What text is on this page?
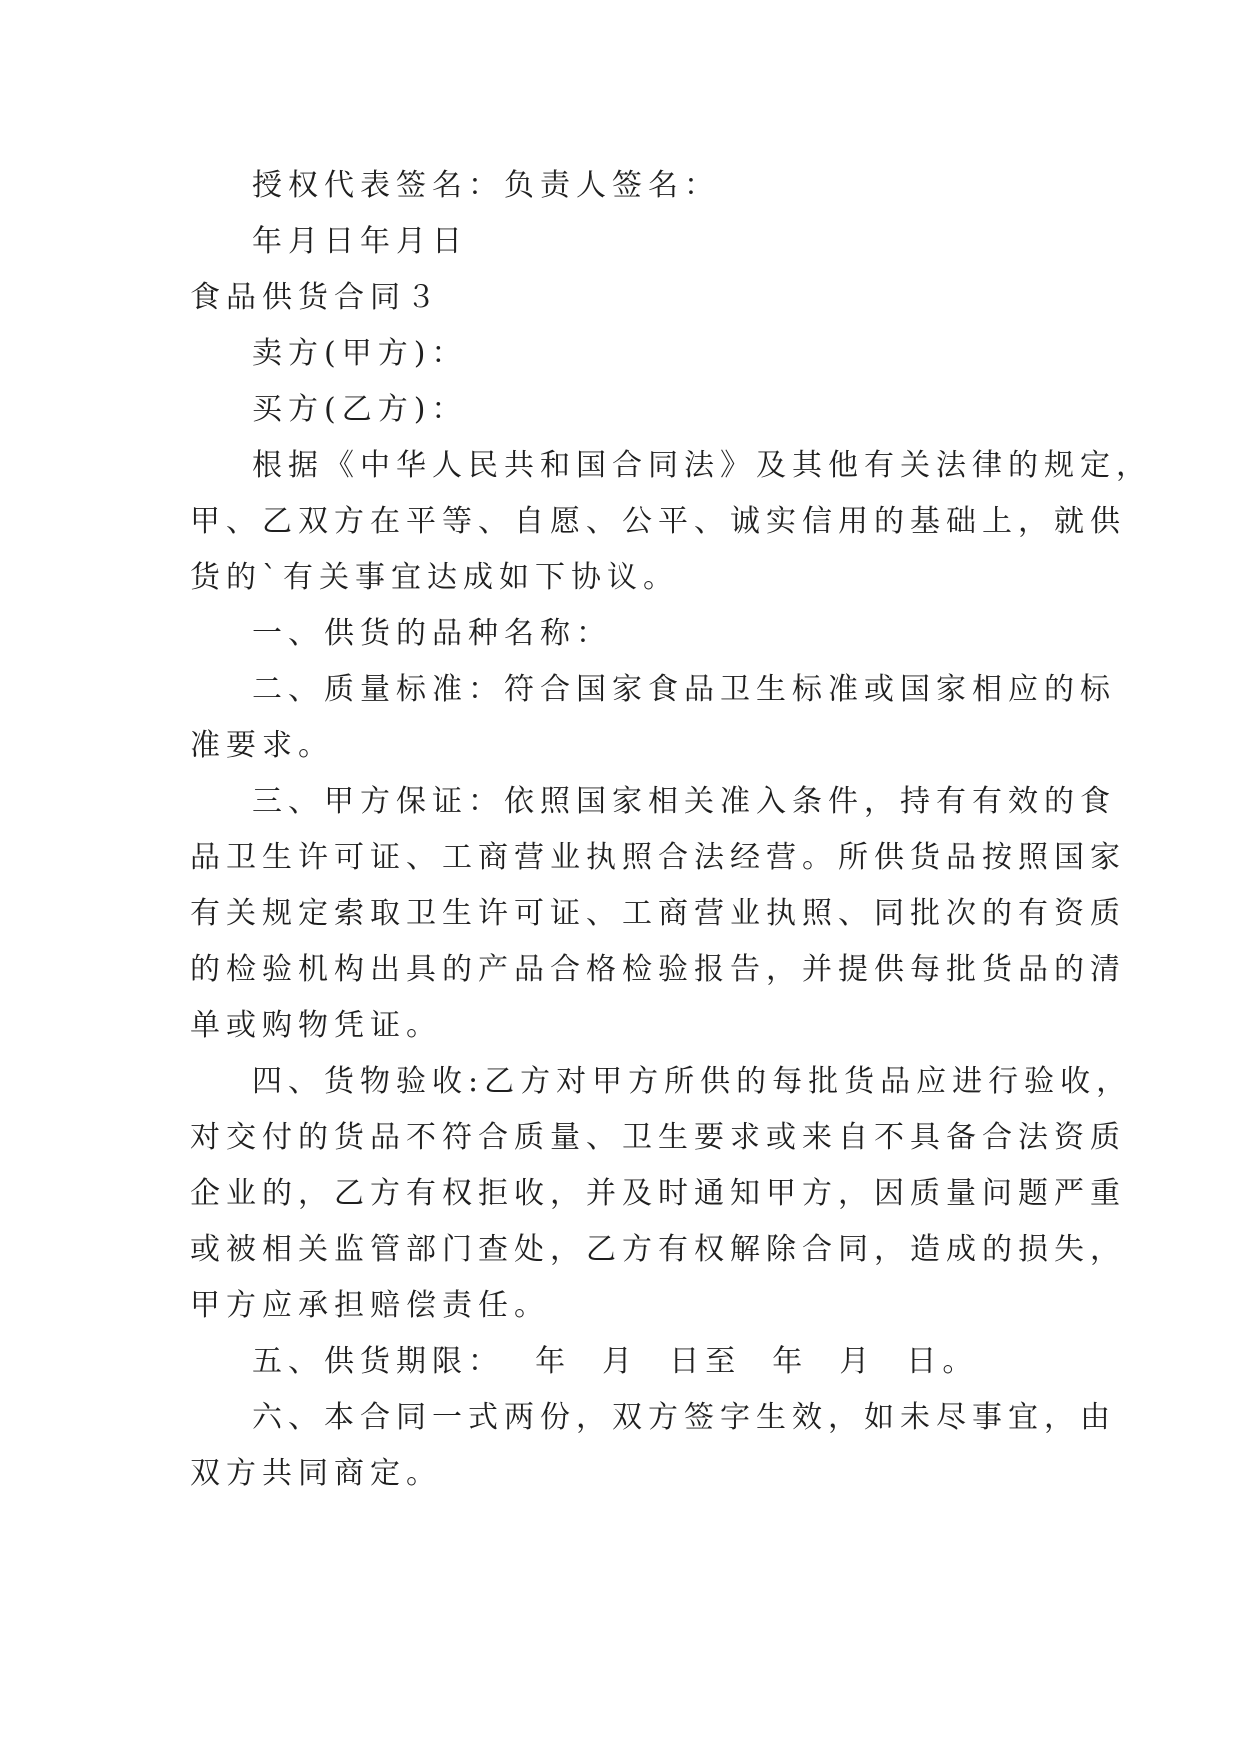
授权代表签名：负责人签名：
年月日年月日
食品供货合同３
卖方(甲方)：
买方(乙方)：
根据《中华人民共和国合同法》及其他有关法律的规定，
甲、乙双方在平等、自愿、公平、诚实信用的基础上，就供
货的`有关事宜达成如下协议。
一、供货的品种名称：
二、质量标准：符合国家食品卫生标准或国家相应的标
准要求。
三、甲方保证：依照国家相关准入条件，持有有效的食
品卫生许可证、工商营业执照合法经营。所供货品按照国家
有关规定索取卫生许可证、工商营业执照、同批次的有资质
的检验机构出具的产品合格检验报告，并提供每批货品的清
单或购物凭证。
四、货物验收:乙方对甲方所供的每批货品应进行验收，
对交付的货品不符合质量、卫生要求或来自不具备合法资质
企业的，乙方有权拒收，并及时通知甲方，因质量问题严重
或被相关监管部门查处，乙方有权解除合同，造成的损失，
甲方应承担赔偿责任。
五、供货期限：  年  月  日至  年  月  日。
六、本合同一式两份，双方签字生效，如未尽事宜，由
双方共同商定。
